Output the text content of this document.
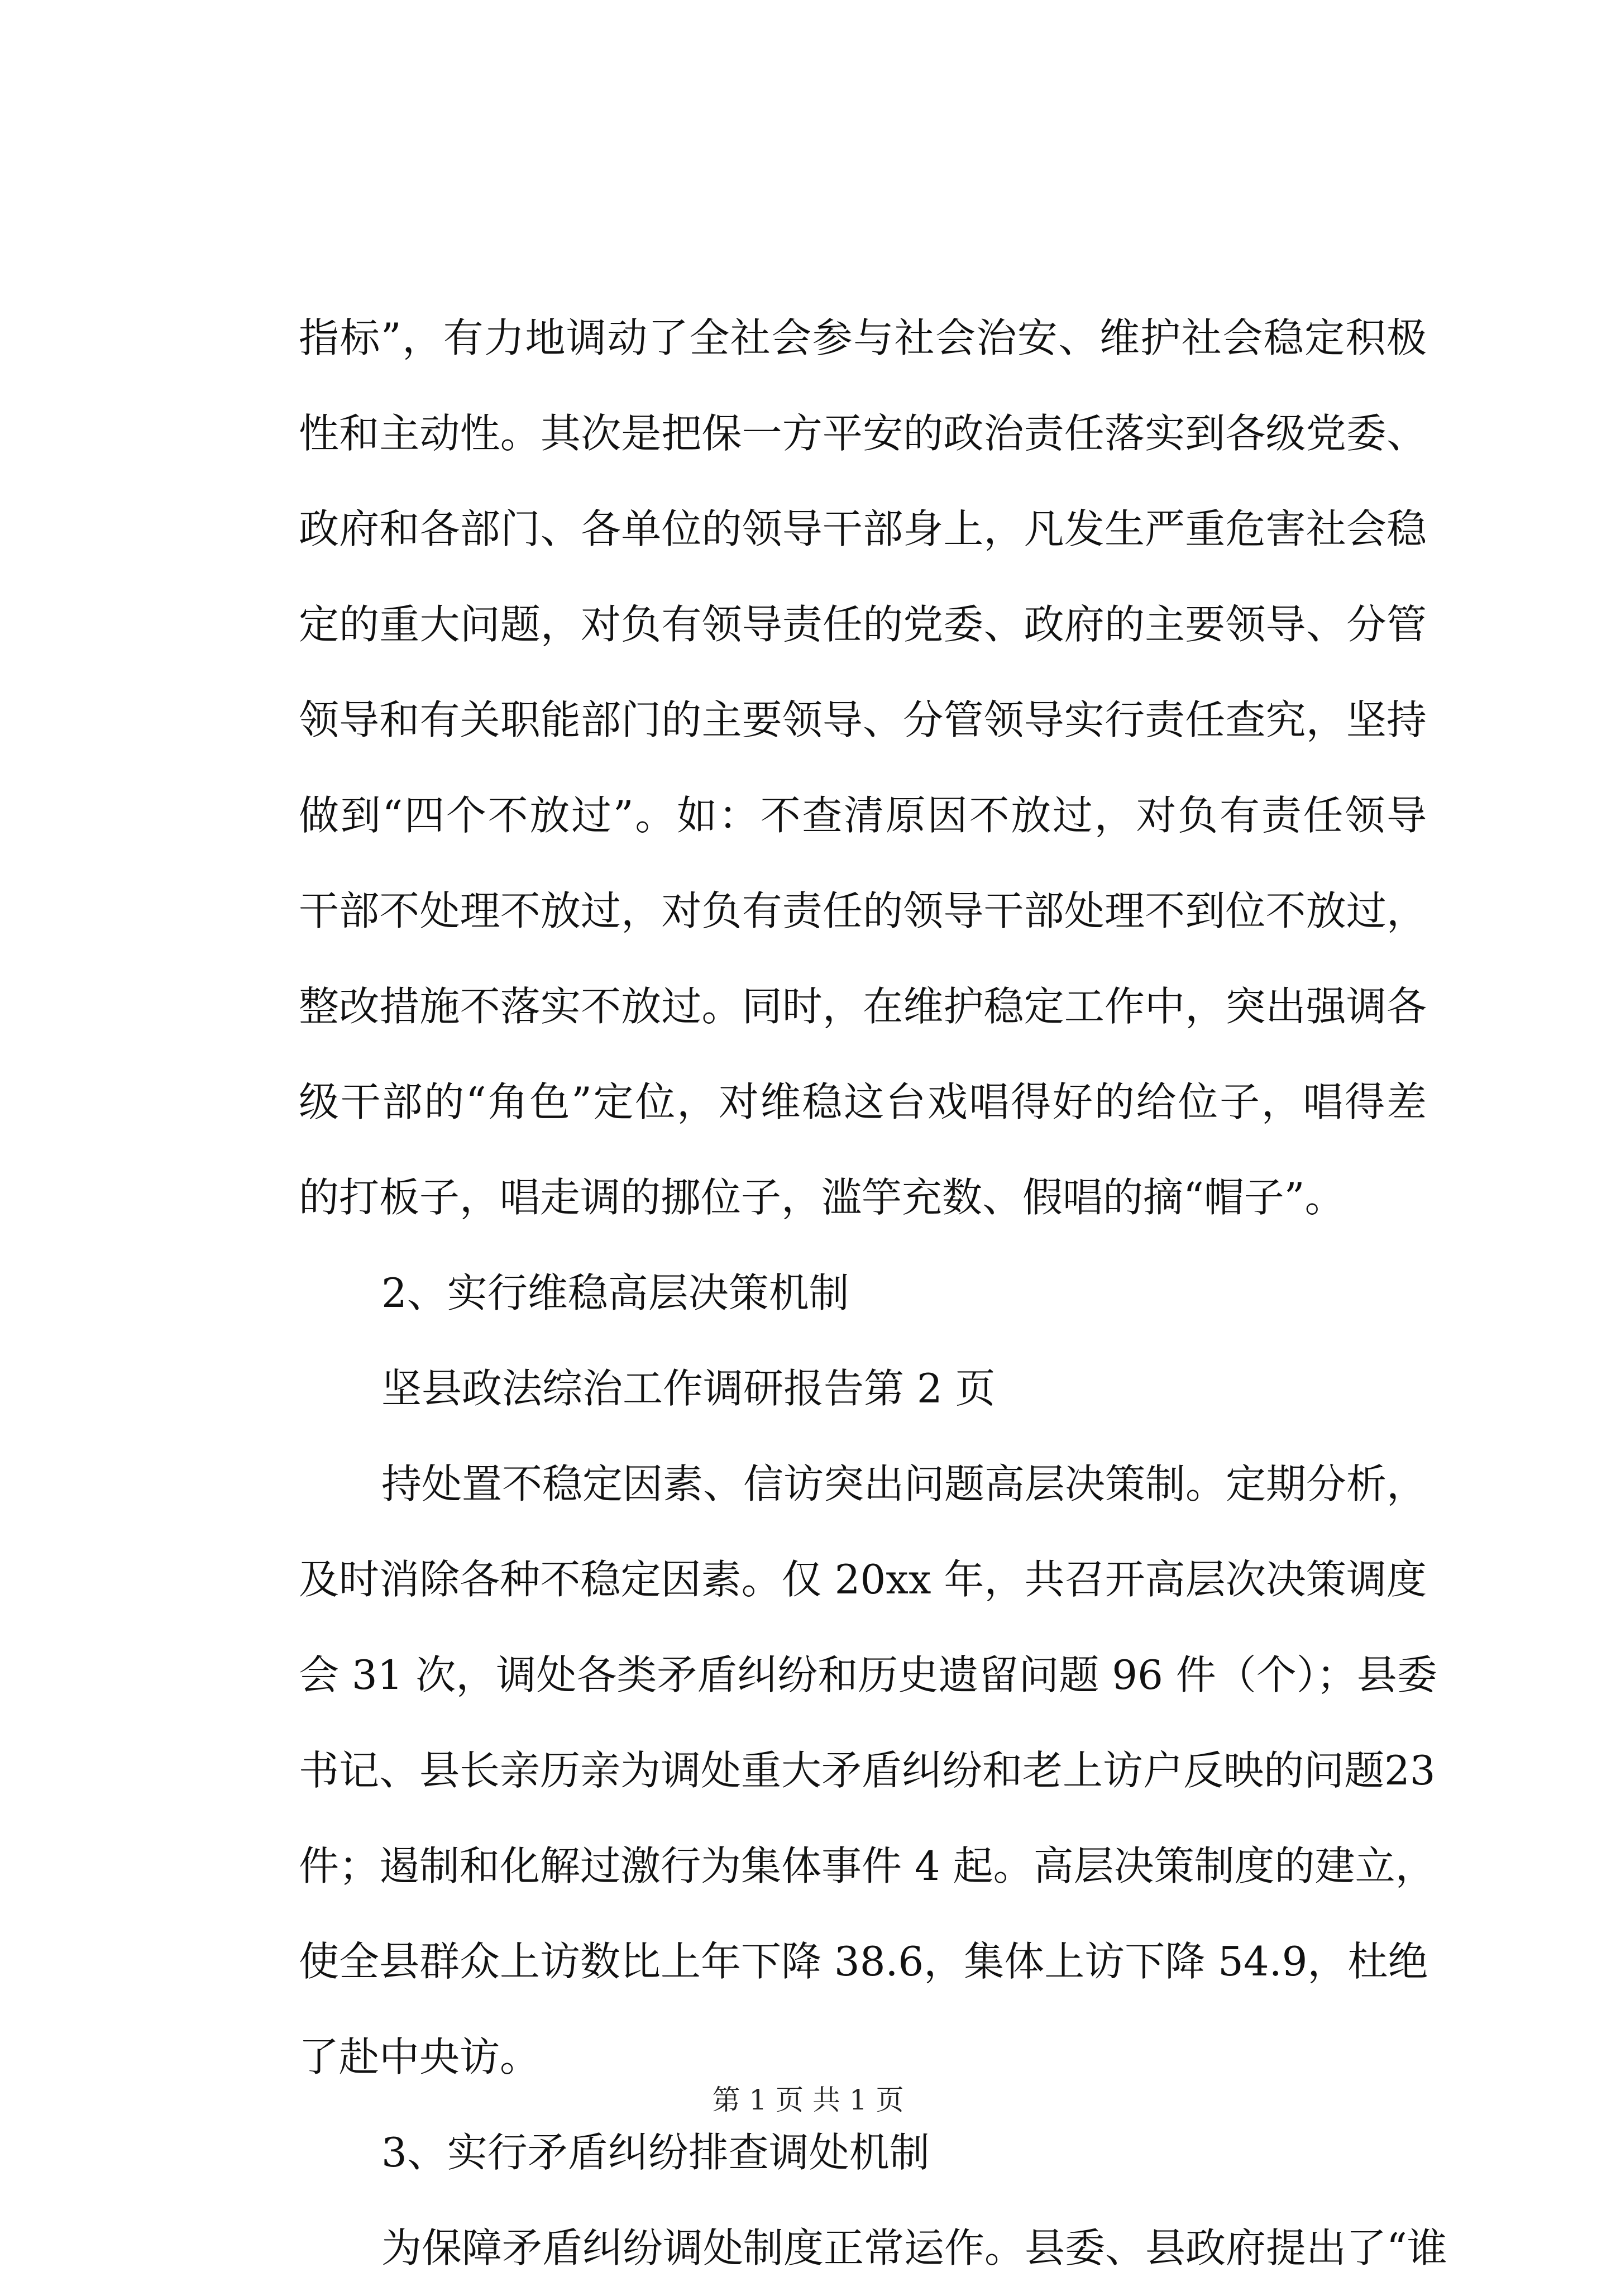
指标”，有力地调动了全社会参与社会治安、维护社会稳定积极
性和主动性。其次是把保一方平安的政治责任落实到各级党委、
政府和各部门、各单位的领导干部身上，凡发生严重危害社会稳
定的重大问题，对负有领导责任的党委、政府的主要领导、分管
领导和有关职能部门的主要领导、分管领导实行责任查究，坚持
做到“四个不放过”。如：不查清原因不放过，对负有责任领导
干部不处理不放过，对负有责任的领导干部处理不到位不放过，
整改措施不落实不放过。同时，在维护稳定工作中，突出强调各
级干部的“角色”定位，对维稳这台戏唱得好的给位子，唱得差
的打板子，唱走调的挪位子，滥竽充数、假唱的摘“帽子”。
2、实行维稳高层决策机制
坚县政法综治工作调研报告第 2 页
持处置不稳定因素、信访突出问题高层决策制。定期分析，
及时消除各种不稳定因素。仅 20xx 年，共召开高层次决策调度
会 31 次，调处各类矛盾纠纷和历史遗留问题 96 件（个）；县委
书记、县长亲历亲为调处重大矛盾纠纷和老上访户反映的问题23
件；遏制和化解过激行为集体事件 4 起。高层决策制度的建立，
使全县群众上访数比上年下降 38.6，集体上访下降 54.9，杜绝
了赴中央访。
3、实行矛盾纠纷排查调处机制
为保障矛盾纠纷调处制度正常运作。县委、县政府提出了“谁
第 1 页 共 1 页
